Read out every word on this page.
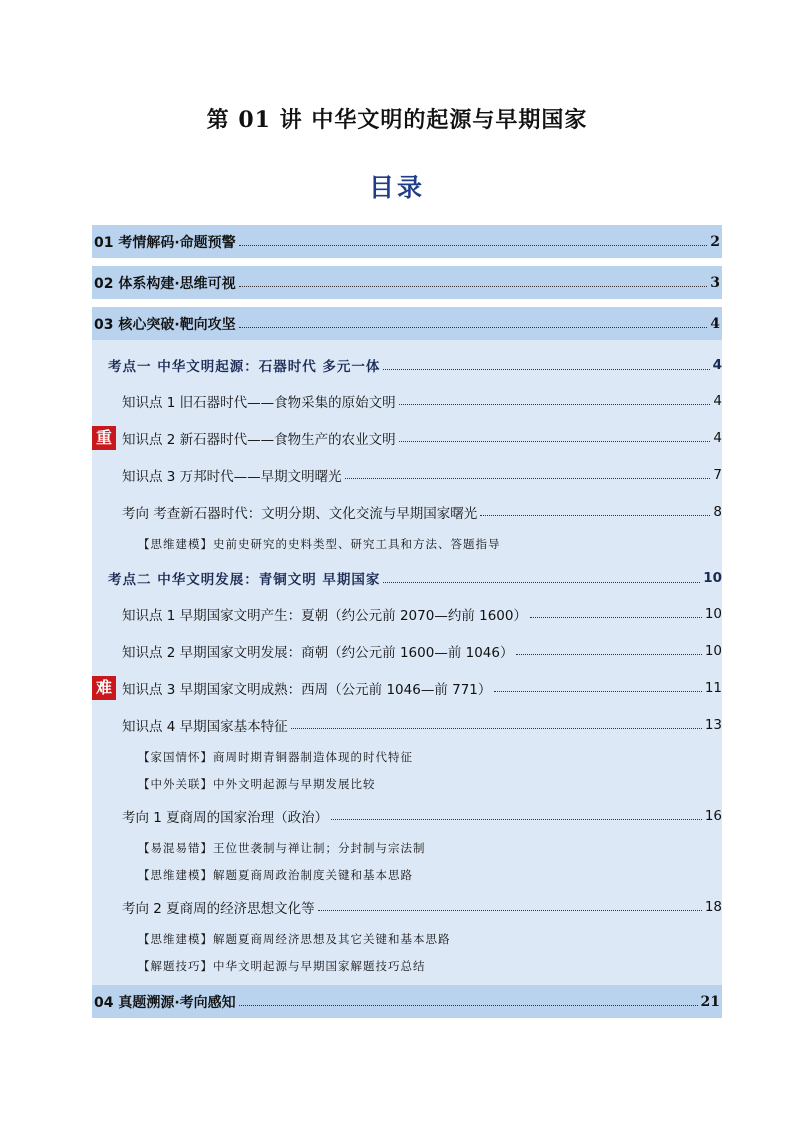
第 01 讲 中华文明的起源与早期国家
目录
01 考情解码·命题预警	2
02 体系构建·思维可视	3
03 核心突破·靶向攻坚	4
考点一 中华文明起源：石器时代 多元一体	4
知识点 1 旧石器时代——食物采集的原始文明	4
重 知识点 2 新石器时代——食物生产的农业文明	4
知识点 3 万邦时代——早期文明曙光	7
考向 考查新石器时代：文明分期、文化交流与早期国家曙光	8
【思维建模】史前史研究的史料类型、研究工具和方法、答题指导
考点二 中华文明发展：青铜文明 早期国家	10
知识点 1 早期国家文明产生：夏朝（约公元前 2070—约前 1600）	10
知识点 2 早期国家文明发展：商朝（约公元前 1600—前 1046）	10
难 知识点 3 早期国家文明成熟：西周（公元前 1046—前 771）	11
知识点 4 早期国家基本特征	13
【家国情怀】商周时期青铜器制造体现的时代特征
【中外关联】中外文明起源与早期发展比较
考向 1 夏商周的国家治理（政治）	16
【易混易错】王位世袭制与禅让制；分封制与宗法制
【思维建模】解题夏商周政治制度关键和基本思路
考向 2 夏商周的经济思想文化等	18
【思维建模】解题夏商周经济思想及其它关键和基本思路
【解题技巧】中华文明起源与早期国家解题技巧总结
04 真题溯源·考向感知	21
